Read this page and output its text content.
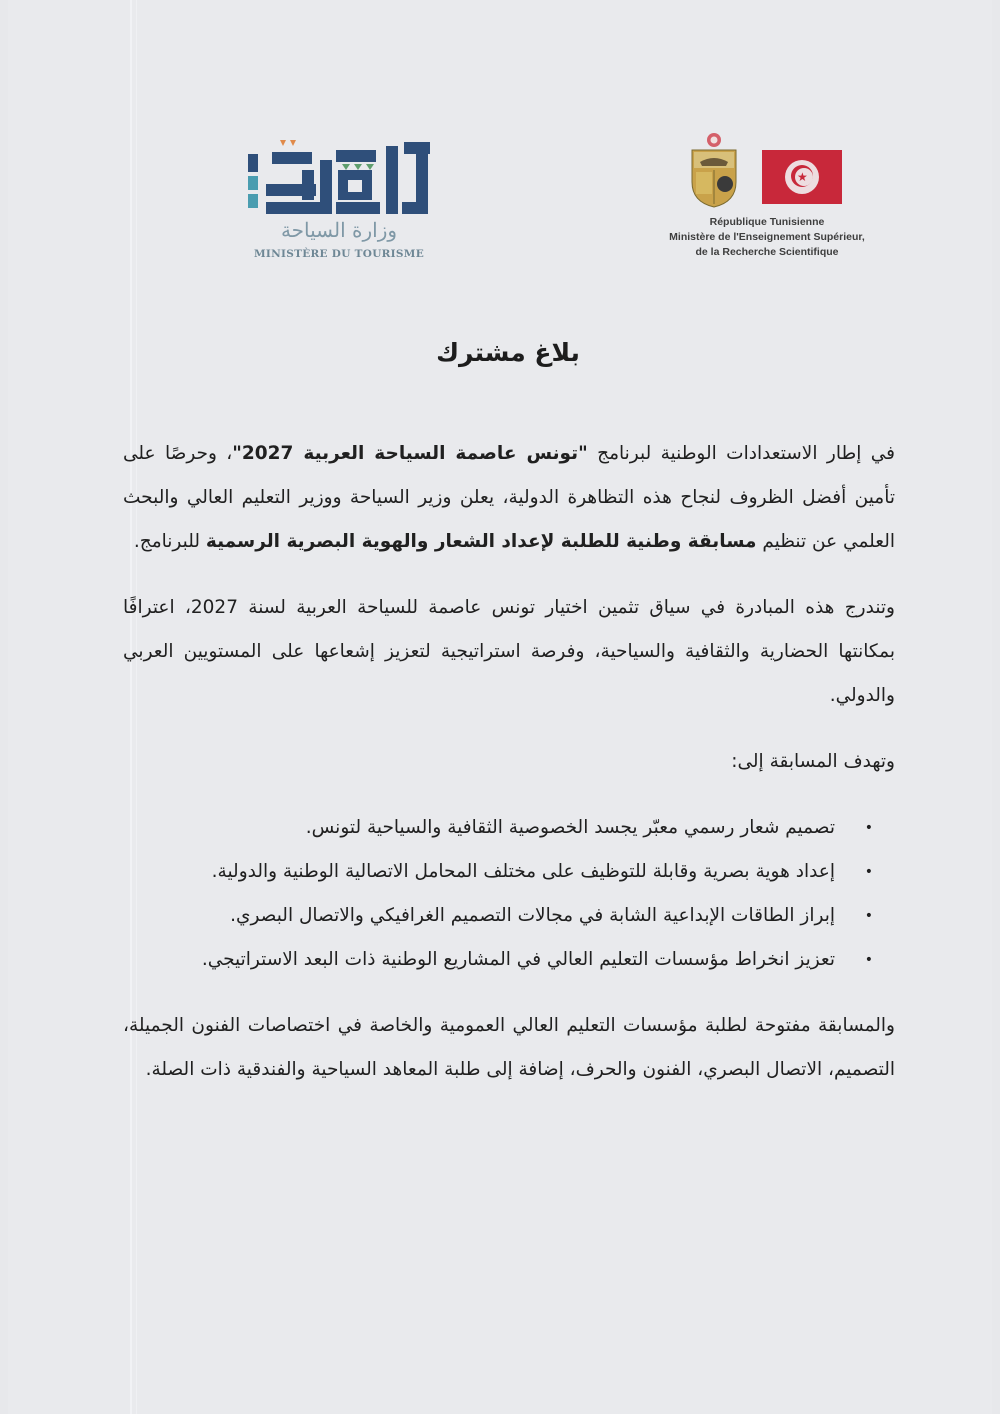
وزارة السياحة
MINISTÈRE DU TOURISME
★
République Tunisienne
Ministère de l'Enseignement Supérieur,
de la Recherche Scientifique
بلاغ مشترك

في إطار الاستعدادات الوطنية لبرنامج "تونس عاصمة السياحة العربية 2027"، وحرصًا على تأمين أفضل الظروف لنجاح هذه التظاهرة الدولية، يعلن وزير السياحة ووزير التعليم العالي والبحث العلمي عن تنظيم مسابقة وطنية للطلبة لإعداد الشعار والهوية البصرية الرسمية للبرنامج.

وتندرج هذه المبادرة في سياق تثمين اختيار تونس عاصمة للسياحة العربية لسنة 2027، اعترافًا بمكانتها الحضارية والثقافية والسياحية، وفرصة استراتيجية لتعزيز إشعاعها على المستويين العربي والدولي.

وتهدف المسابقة إلى:

•
تصميم شعار رسمي معبّر يجسد الخصوصية الثقافية والسياحية لتونس.
•
إعداد هوية بصرية وقابلة للتوظيف على مختلف المحامل الاتصالية الوطنية والدولية.
•
إبراز الطاقات الإبداعية الشابة في مجالات التصميم الغرافيكي والاتصال البصري.
•
تعزيز انخراط مؤسسات التعليم العالي في المشاريع الوطنية ذات البعد الاستراتيجي.

والمسابقة مفتوحة لطلبة مؤسسات التعليم العالي العمومية والخاصة في اختصاصات الفنون الجميلة، التصميم، الاتصال البصري، الفنون والحرف، إضافة إلى طلبة المعاهد السياحية والفندقية ذات الصلة.
